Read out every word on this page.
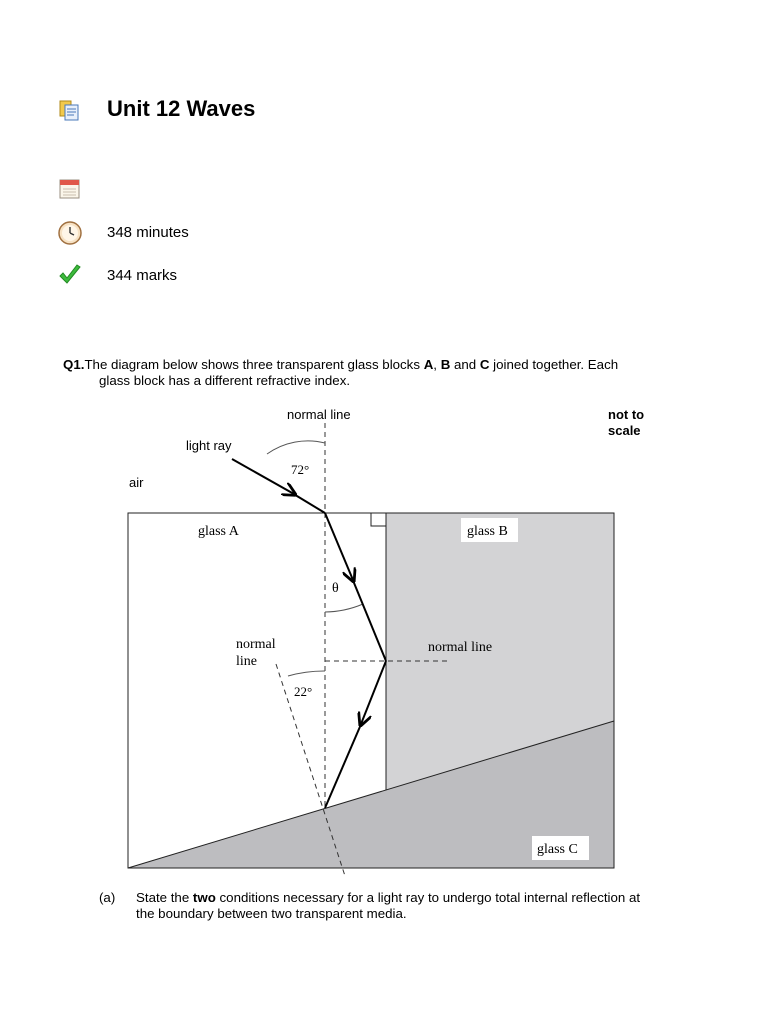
Unit 12 Waves
348 minutes
344 marks
Q1.The diagram below shows three transparent glass blocks A, B and C joined together. Each
glass block has a different refractive index.
normal line	not to
scale
light ray
72°
air
glass A	glass B
glass C
θ
normal line
normal
line
22°
(a) State the two conditions necessary for a light ray to undergo total internal reflection at
the boundary between two transparent media.
